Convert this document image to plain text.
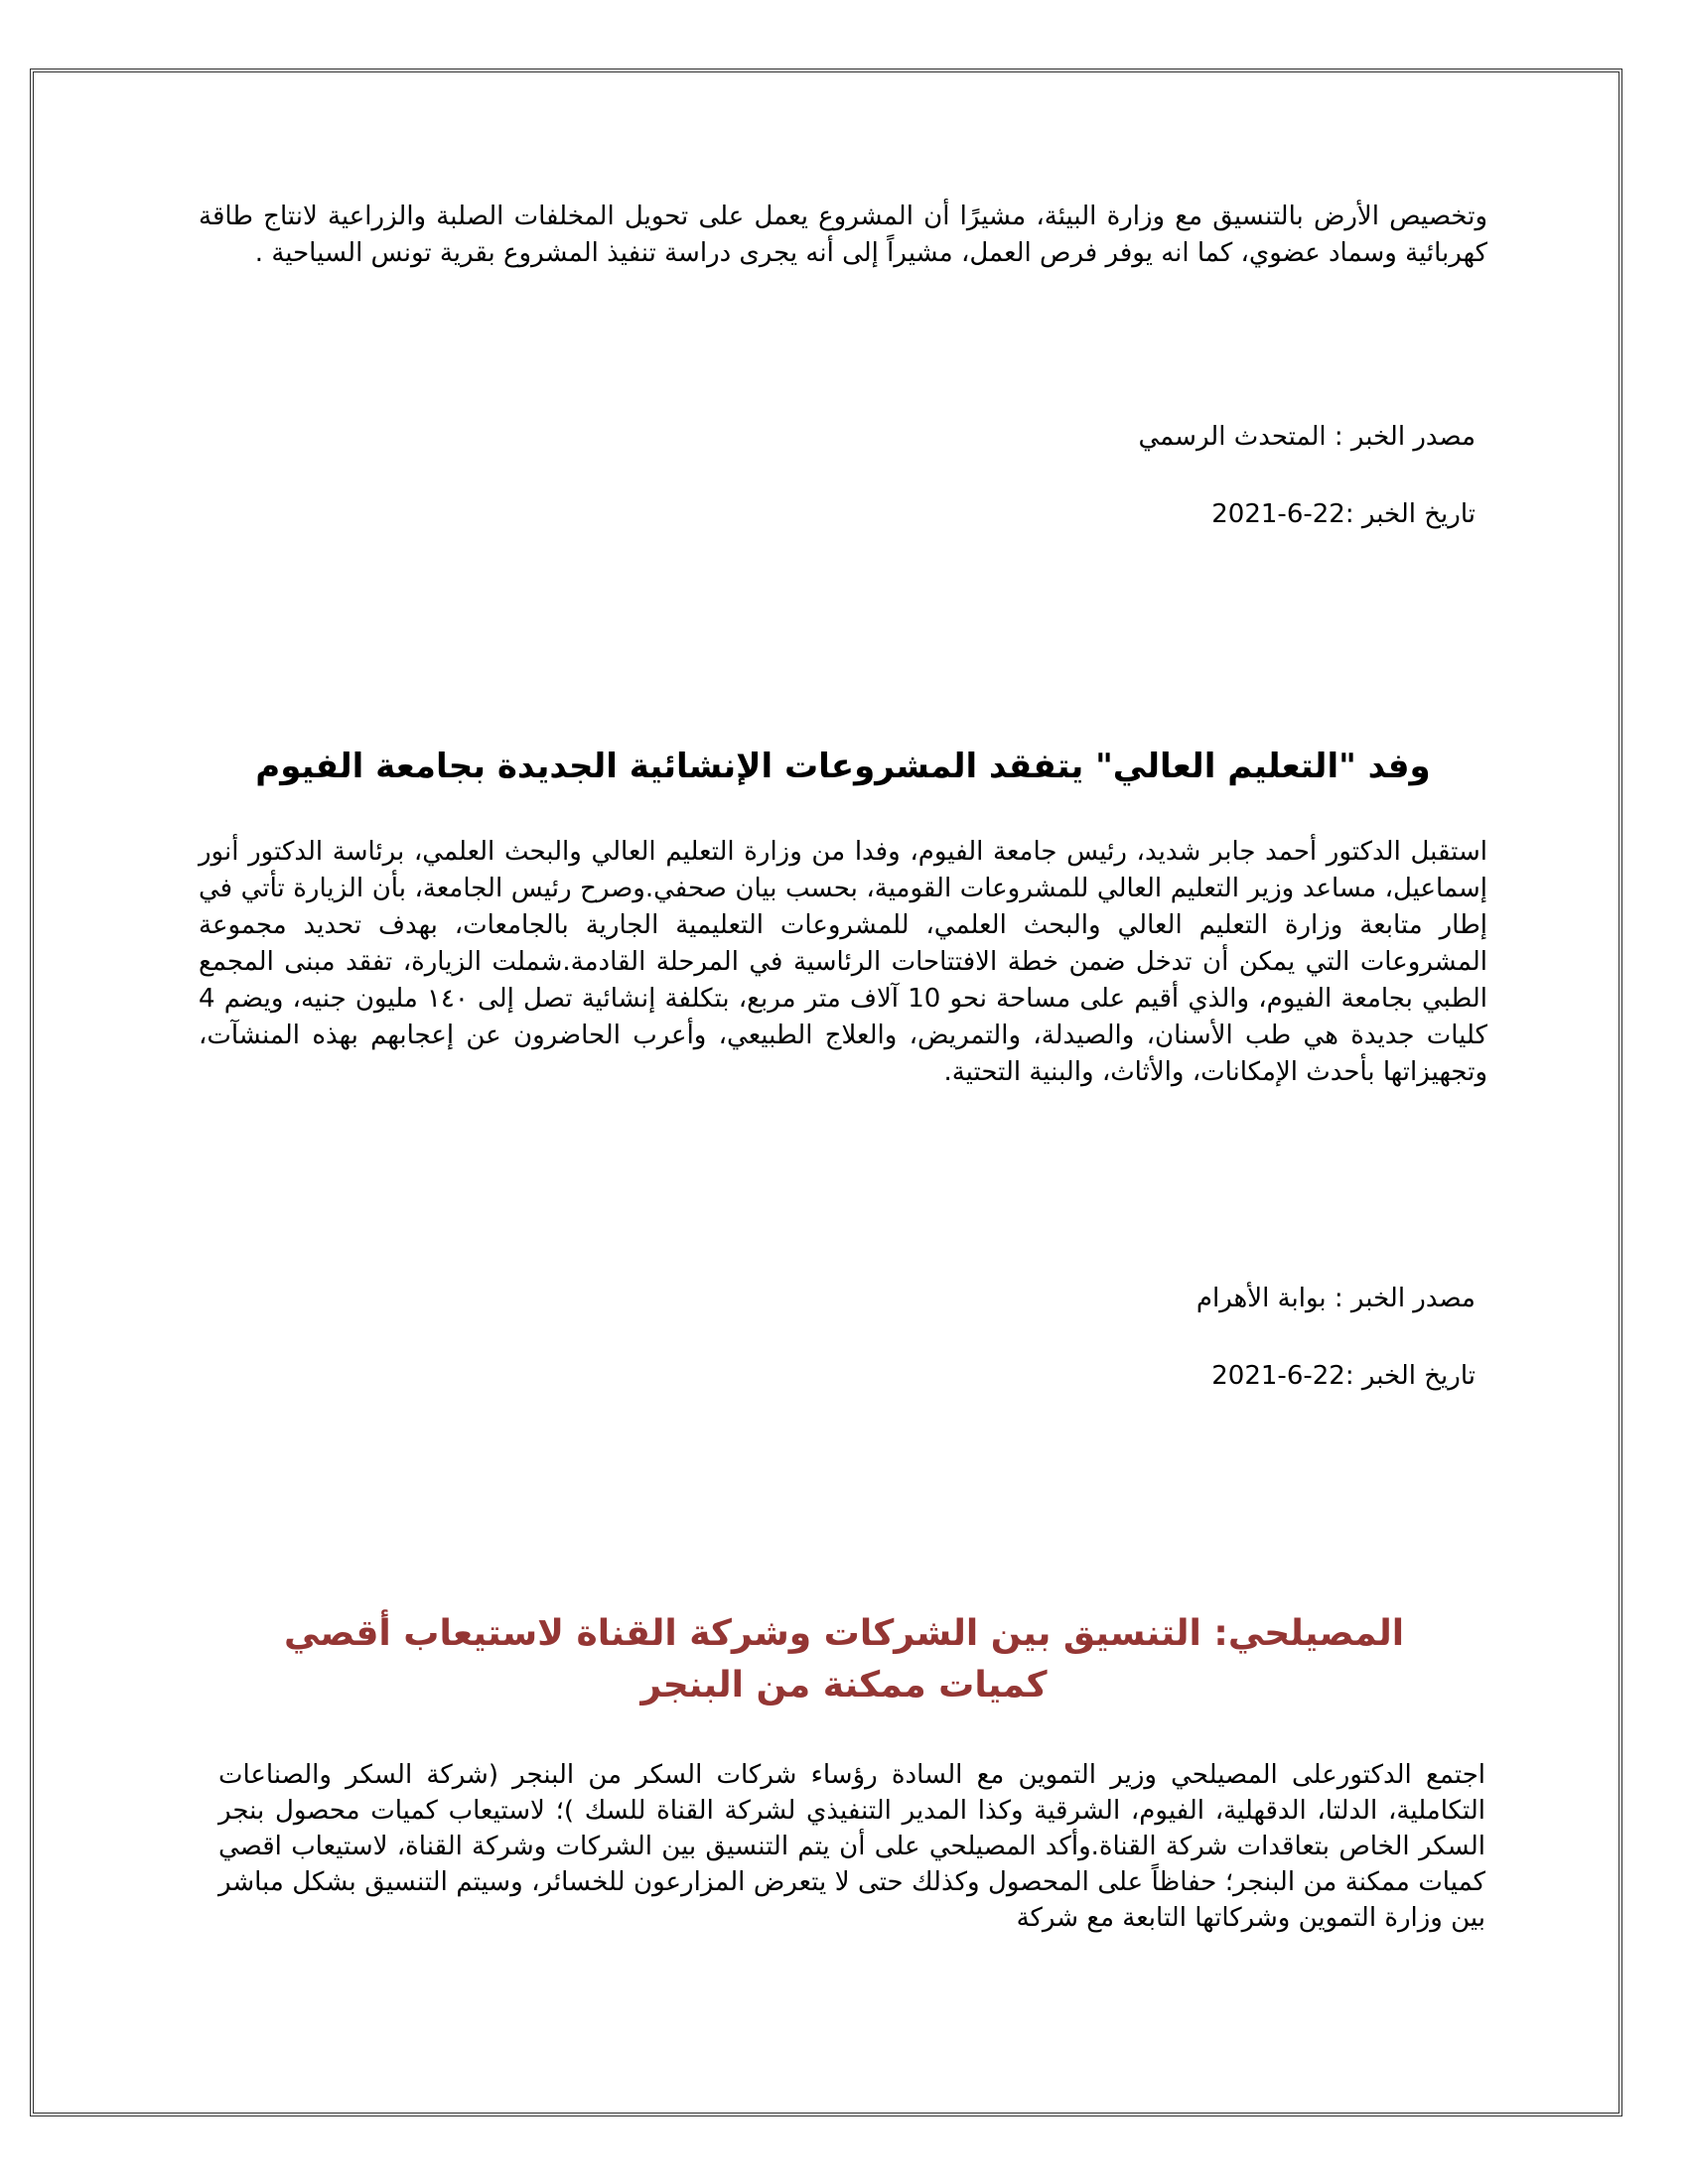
وتخصيص الأرض بالتنسيق مع وزارة البيئة، مشيرًا أن المشروع يعمل على تحويل المخلفات الصلبة والزراعية لانتاج طاقة كهربائية وسماد عضوي، كما انه يوفر فرص العمل، مشيراً إلى أنه يجرى دراسة تنفيذ المشروع بقرية تونس السياحية .

مصدر الخبر : المتحدث الرسمي

تاريخ الخبر :22-6-2021

وفد "التعليم العالي" يتفقد المشروعات الإنشائية الجديدة بجامعة الفيوم

استقبل الدكتور أحمد جابر شديد، رئيس جامعة الفيوم، وفدا من وزارة التعليم العالي والبحث العلمي، برئاسة الدكتور أنور إسماعيل، مساعد وزير التعليم العالي للمشروعات القومية، بحسب بيان صحفي.وصرح رئيس الجامعة، بأن الزيارة تأتي في إطار متابعة وزارة التعليم العالي والبحث العلمي، للمشروعات التعليمية الجارية بالجامعات، بهدف تحديد مجموعة المشروعات التي يمكن أن تدخل ضمن خطة الافتتاحات الرئاسية في المرحلة القادمة.شملت الزيارة، تفقد مبنى المجمع الطبي بجامعة الفيوم، والذي أقيم على مساحة نحو 10 آلاف متر مربع، بتكلفة إنشائية تصل إلى ١٤٠ مليون جنيه، ويضم 4 كليات جديدة هي طب الأسنان، والصيدلة، والتمريض، والعلاج الطبيعي، وأعرب الحاضرون عن إعجابهم بهذه المنشآت، وتجهيزاتها بأحدث الإمكانات، والأثاث، والبنية التحتية.

مصدر الخبر : بوابة الأهرام

تاريخ الخبر :22-6-2021

المصيلحي: التنسيق بين الشركات وشركة القناة لاستيعاب أقصي كميات ممكنة من البنجر

اجتمع الدكتورعلى المصيلحي وزير التموين مع السادة رؤساء شركات السكر من البنجر (شركة السكر والصناعات التكاملية، الدلتا، الدقهلية، الفيوم، الشرقية وكذا المدير التنفيذي لشركة القناة للسك )؛ لاستيعاب كميات محصول بنجر السكر الخاص بتعاقدات شركة القناة.وأكد المصيلحي على أن يتم التنسيق بين الشركات وشركة القناة، لاستيعاب اقصي كميات ممكنة من البنجر؛ حفاظاً على المحصول وكذلك حتى لا يتعرض المزارعون للخسائر، وسيتم التنسيق بشكل مباشر بين وزارة التموين وشركاتها التابعة مع شركة
